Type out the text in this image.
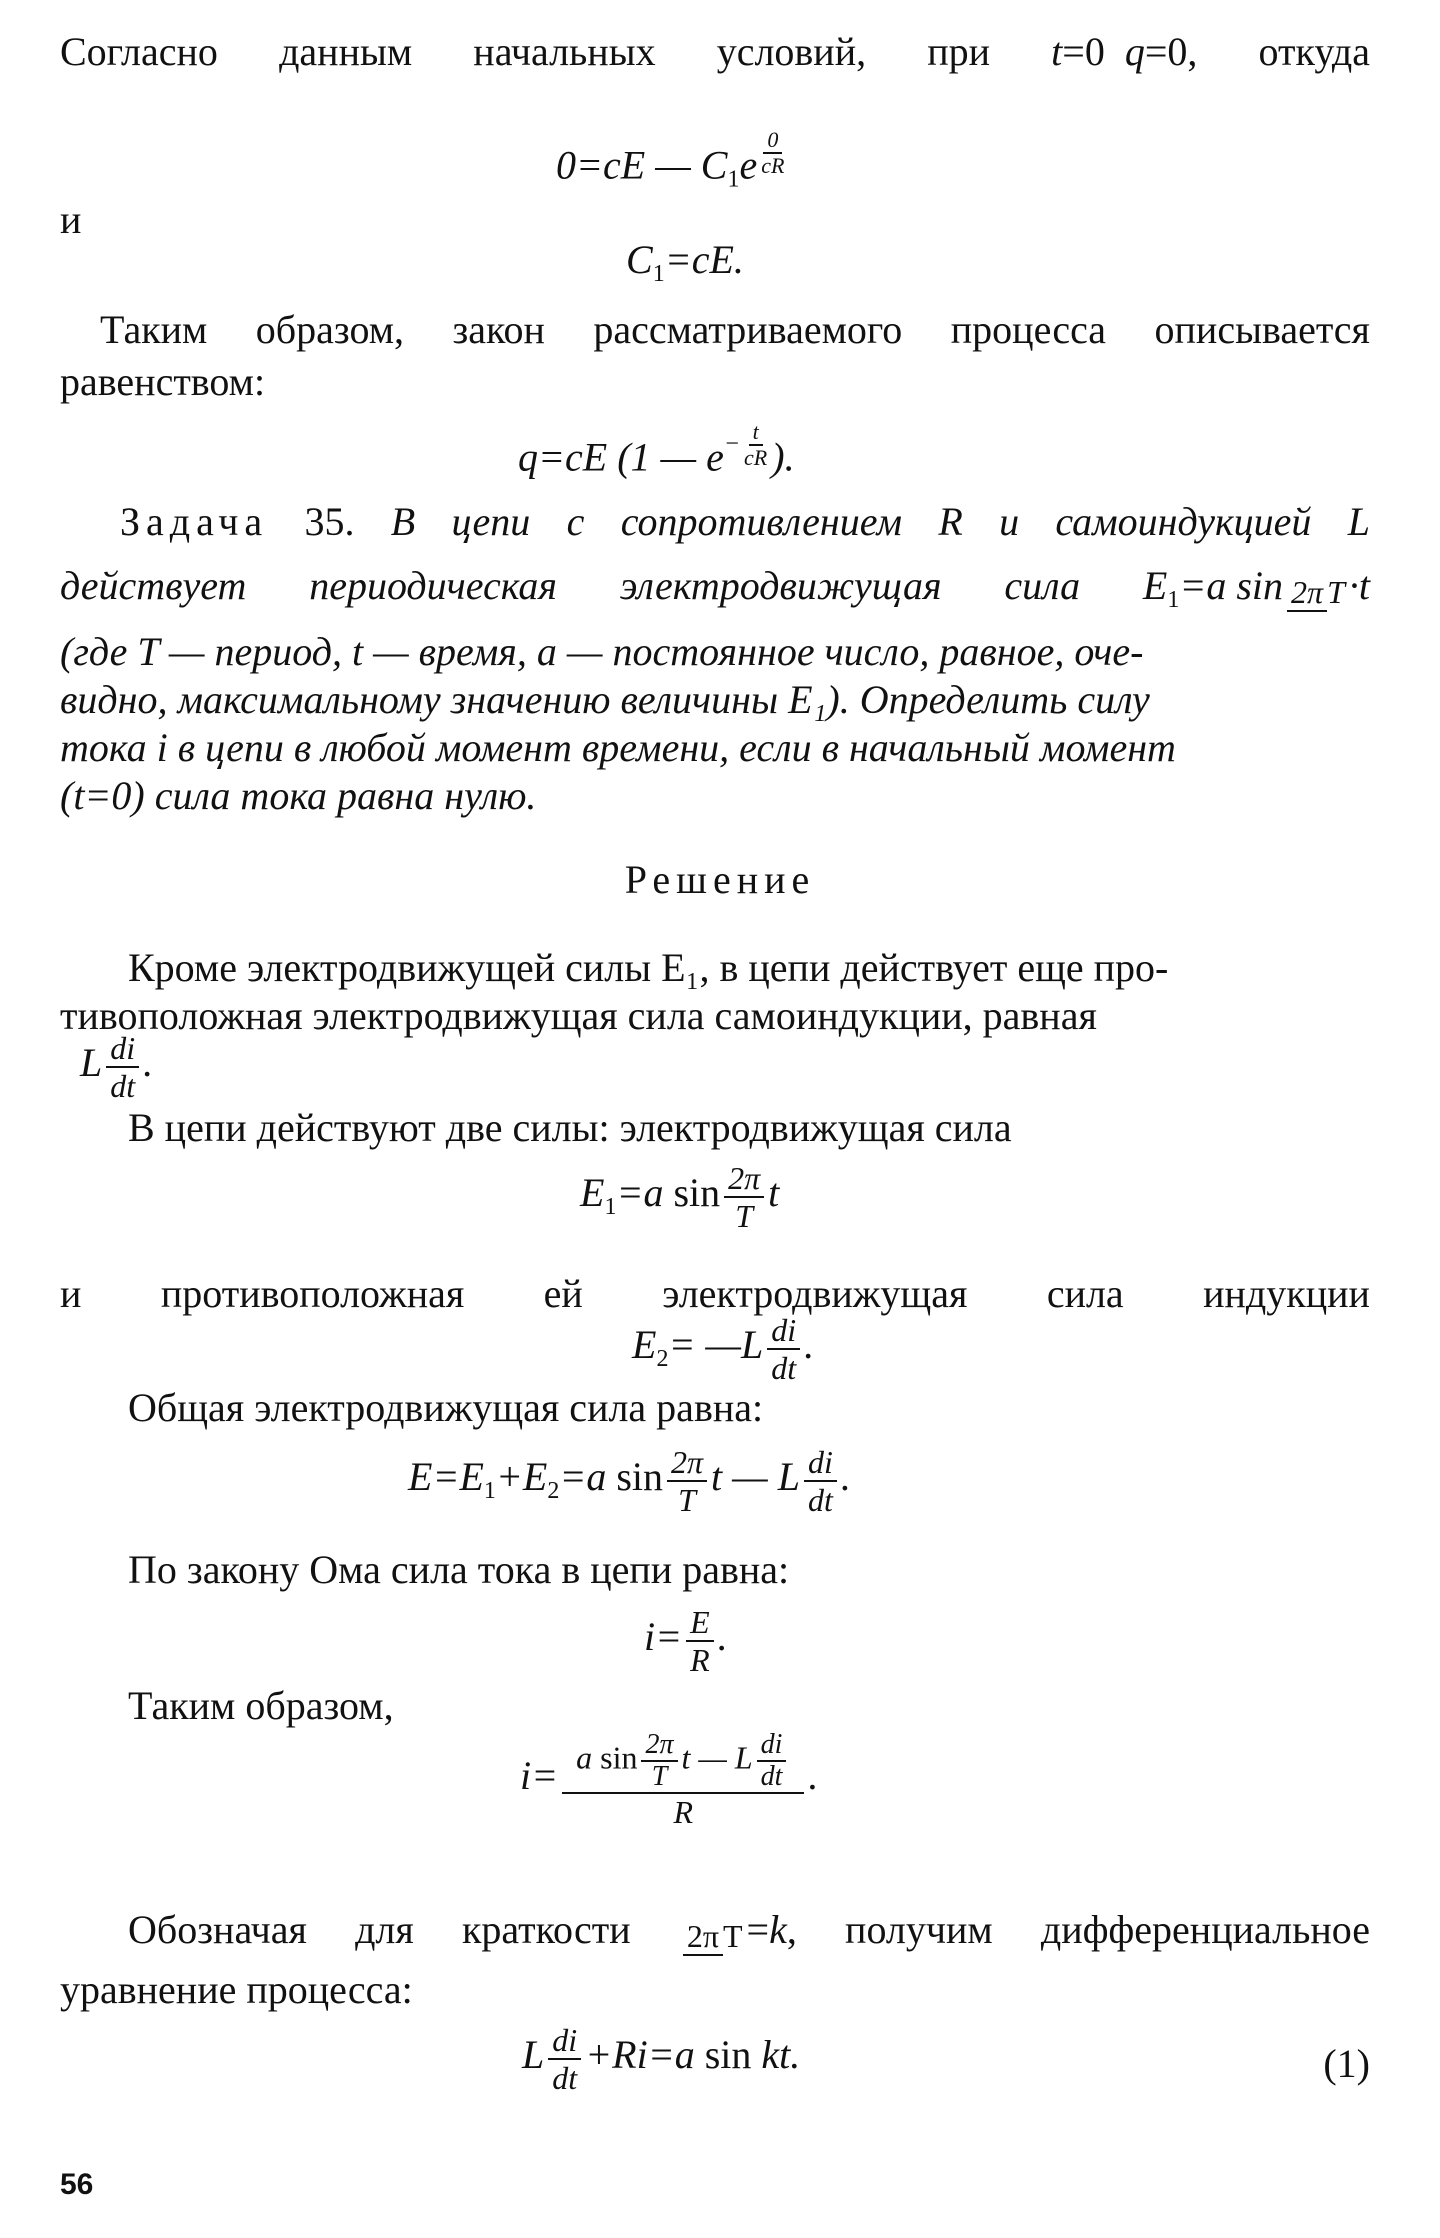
Согласно данным начальных условий, при t=0  q=0, откуда
0=cE — $C_1e$ $^{\frac{0}{cR}}$
и
$C_1=cE$.
Таким образом, закон рассматриваемого процесса описывается
равенством:
q=cE (1 — $e^{- \frac{t}{cR}}$ ).
Задача 35. В цепи с сопротивлением R и самоиндукцией L
действует периодическая электродвижущая сила E1=a sin 2π T ·t
(где T — период, t — время, a — постоянное число, равное, оче-
видно, максимальному значению величины E₁). Определить силу
тока i в цепи в любой момент времени, если в начальный момент
(t=0) сила тока равна нулю.
Решение
Кроме электродвижущей силы E₁, в цепи действует еще про-
тивоположная электродвижущая сила самоиндукции, равная
L $\frac{di}{dt}$ .
В цепи действуют две силы: электродвижущая сила
$E_1=a$ $\sin \frac{2\pi}{T}$ t
и противоположная ей электродвижущая сила индукции
$E_2=$ —L $\frac{di}{dt}$ .
Общая электродвижущая сила равна:
$E=E_1+E_2=a$ $\sin \frac{2\pi}{T}$ t — L $\frac{di}{dt}$ .
По закону Ома сила тока в цепи равна:
$i= \frac{E}{R}$ .
Таким образом,
$i= \frac{a \sin \frac{2\pi}{T} t — L \frac{di}{dt}}{R}$ .
Обозначая для краткости 2π T =k, получим дифференциальное
уравнение процесса:
L $\frac{di}{dt} +Ri=a$ sin kt.	(1)
56
